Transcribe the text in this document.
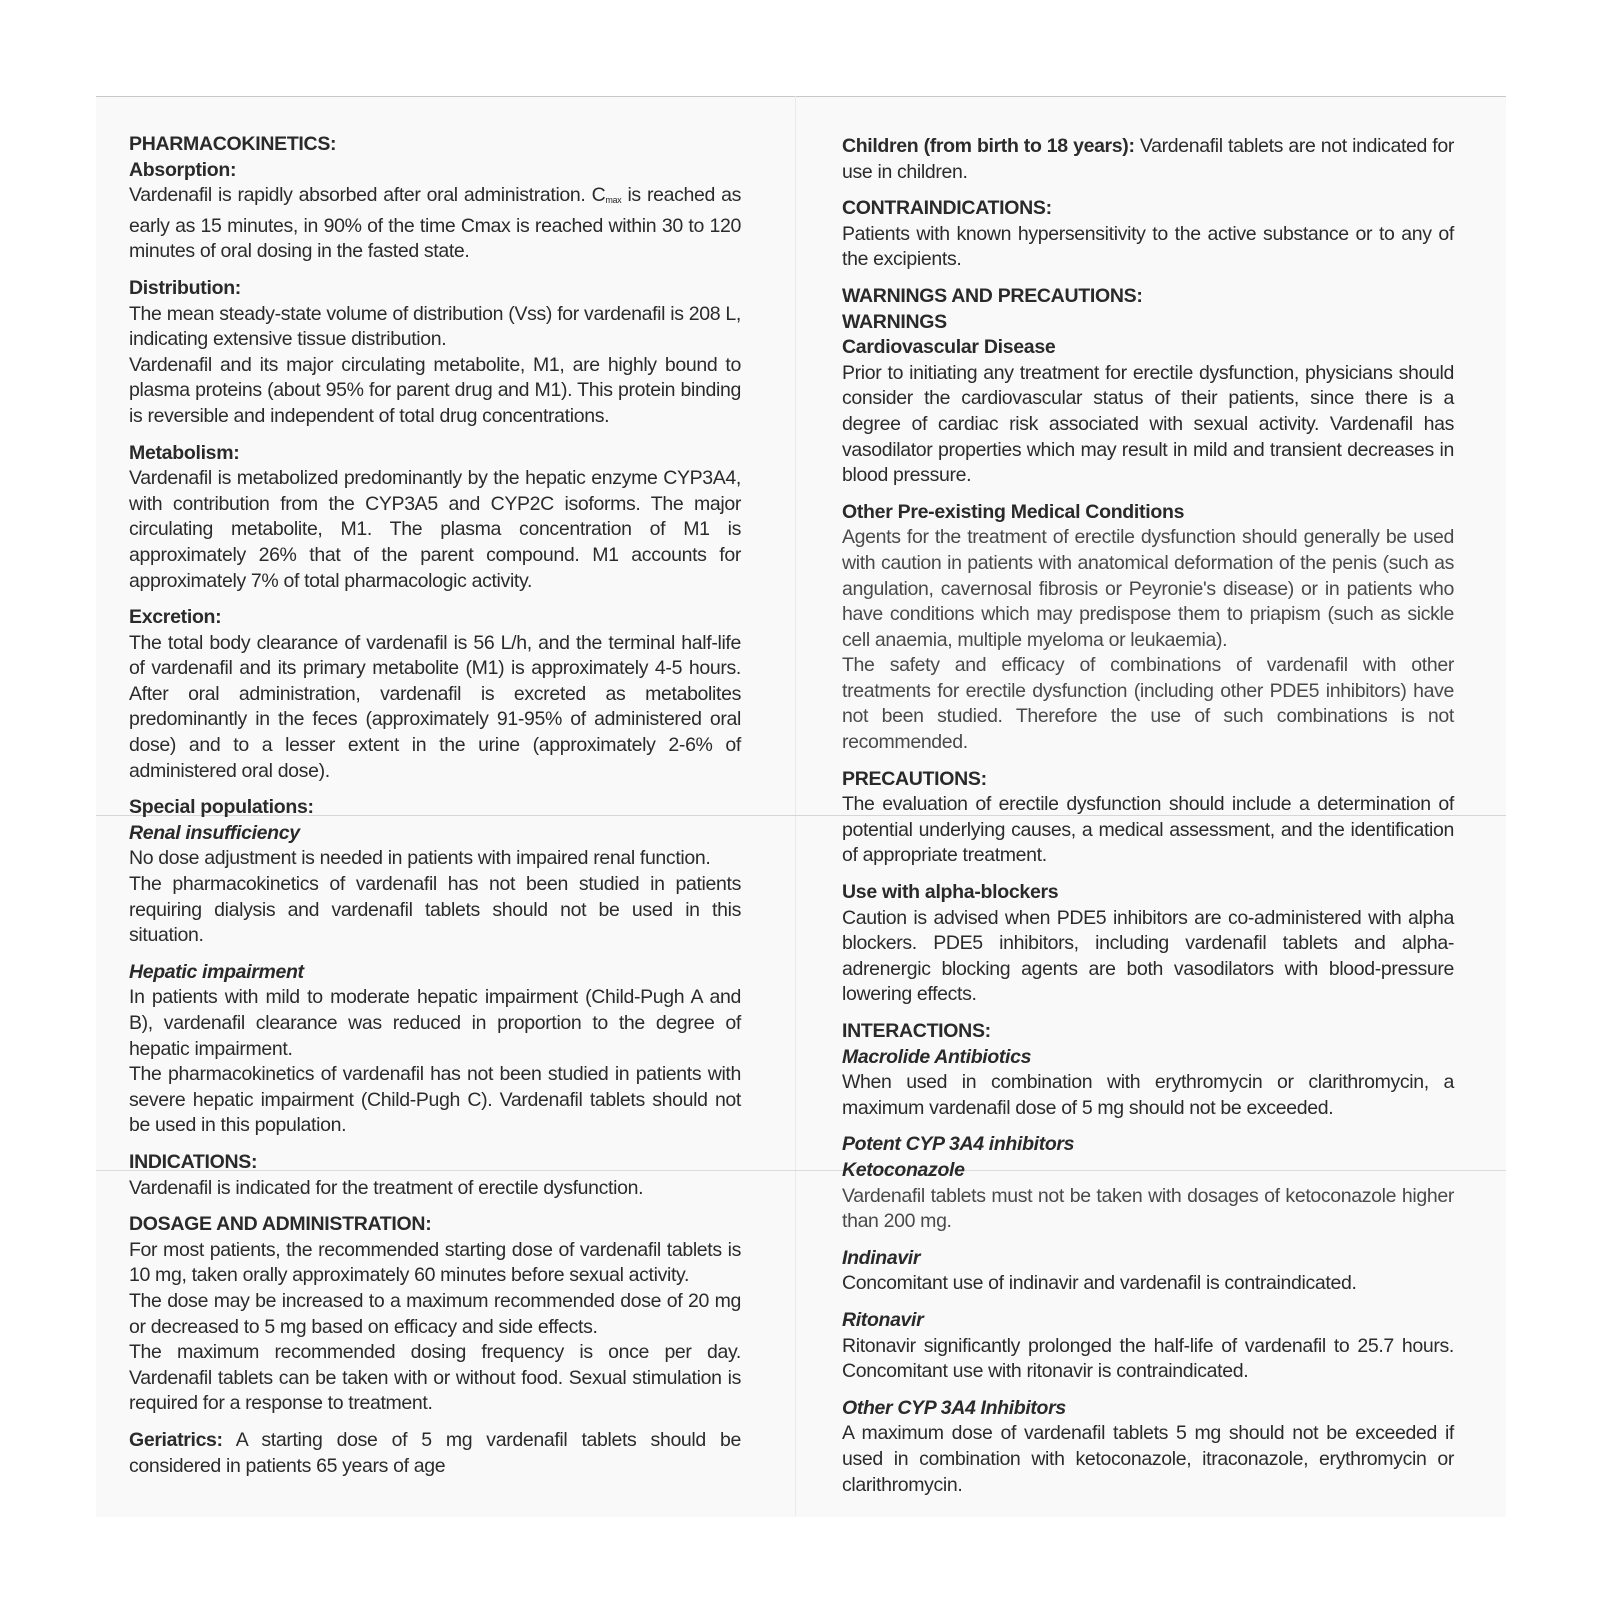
PHARMACOKINETICS:
Absorption:

Vardenafil is rapidly absorbed after oral administration. $C_{max}$ is reached as early as 15 minutes, in 90% of the time Cmax is reached within 30 to 120 minutes of oral dosing in the fasted state.

Distribution:

The mean steady-state volume of distribution (Vss) for vardenafil is 208 L, indicating extensive tissue distribution.

Vardenafil and its major circulating metabolite, M1, are highly bound to plasma proteins (about 95% for parent drug and M1). This protein binding is reversible and independent of total drug concentrations.

Metabolism:

Vardenafil is metabolized predominantly by the hepatic enzyme CYP3A4, with contribution from the CYP3A5 and CYP2C isoforms. The major circulating metabolite, M1. The plasma concentration of M1 is approximately 26% that of the parent compound. M1 accounts for approximately 7% of total pharmacologic activity.

Excretion:

The total body clearance of vardenafil is 56 L/h, and the terminal half-life of vardenafil and its primary metabolite (M1) is approximately 4-5 hours. After oral administration, vardenafil is excreted as metabolites predominantly in the feces (approximately 91-95% of administered oral dose) and to a lesser extent in the urine (approximately 2-6% of administered oral dose).

Special populations:
Renal insufficiency

No dose adjustment is needed in patients with impaired renal function.

The pharmacokinetics of vardenafil has not been studied in patients requiring dialysis and vardenafil tablets should not be used in this situation.

Hepatic impairment

In patients with mild to moderate hepatic impairment (Child-Pugh A and B), vardenafil clearance was reduced in proportion to the degree of hepatic impairment.

The pharmacokinetics of vardenafil has not been studied in patients with severe hepatic impairment (Child-Pugh C). Vardenafil tablets should not be used in this population.

INDICATIONS:

Vardenafil is indicated for the treatment of erectile dysfunction.

DOSAGE AND ADMINISTRATION:

For most patients, the recommended starting dose of vardenafil tablets is 10 mg, taken orally approximately 60 minutes before sexual activity.

The dose may be increased to a maximum recommended dose of 20 mg or decreased to 5 mg based on efficacy and side effects.

The maximum recommended dosing frequency is once per day. Vardenafil tablets can be taken with or without food. Sexual stimulation is required for a response to treatment.

Geriatrics: A starting dose of 5 mg vardenafil tablets should be considered in patients 65 years of age

Children (from birth to 18 years): Vardenafil tablets are not indicated for use in children.

CONTRAINDICATIONS:

Patients with known hypersensitivity to the active substance or to any of the excipients.

WARNINGS AND PRECAUTIONS:
WARNINGS
Cardiovascular Disease

Prior to initiating any treatment for erectile dysfunction, physicians should consider the cardiovascular status of their patients, since there is a degree of cardiac risk associated with sexual activity. Vardenafil has vasodilator properties which may result in mild and transient decreases in blood pressure.

Other Pre-existing Medical Conditions

Agents for the treatment of erectile dysfunction should generally be used with caution in patients with anatomical deformation of the penis (such as angulation, cavernosal fibrosis or Peyronie's disease) or in patients who have conditions which may predispose them to priapism (such as sickle cell anaemia, multiple myeloma or leukaemia).

The safety and efficacy of combinations of vardenafil with other treatments for erectile dysfunction (including other PDE5 inhibitors) have not been studied. Therefore the use of such combinations is not recommended.

PRECAUTIONS:

The evaluation of erectile dysfunction should include a determination of potential underlying causes, a medical assessment, and the identification of appropriate treatment.

Use with alpha-blockers

Caution is advised when PDE5 inhibitors are co-administered with alpha blockers. PDE5 inhibitors, including vardenafil tablets and alpha-adrenergic blocking agents are both vasodilators with blood-pressure lowering effects.

INTERACTIONS:
Macrolide Antibiotics

When used in combination with erythromycin or clarithromycin, a maximum vardenafil dose of 5 mg should not be exceeded.

Potent CYP 3A4 inhibitors
Ketoconazole

Vardenafil tablets must not be taken with dosages of ketoconazole higher than 200 mg.

Indinavir

Concomitant use of indinavir and vardenafil is contraindicated.

Ritonavir

Ritonavir significantly prolonged the half-life of vardenafil to 25.7 hours. Concomitant use with ritonavir is contraindicated.

Other CYP 3A4 Inhibitors

A maximum dose of vardenafil tablets 5 mg should not be exceeded if used in combination with ketoconazole, itraconazole, erythromycin or clarithromycin.
